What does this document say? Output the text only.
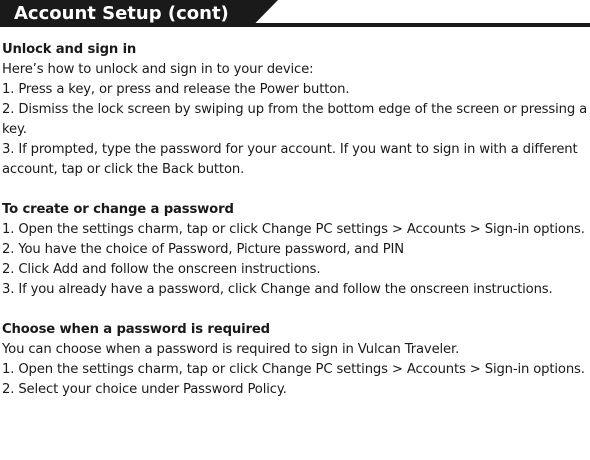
Account Setup (cont)
Unlock and sign in

Here’s how to unlock and sign in to your device:

1. Press a key, or press and release the Power button.

2. Dismiss the lock screen by swiping up from the bottom edge of the screen or pressing a key.

3. If prompted, type the password for your account. If you want to sign in with a different account, tap or click the Back button.

To create or change a password

1. Open the settings charm, tap or click Change PC settings > Accounts > Sign-in options.

2. You have the choice of Password, Picture password, and PIN

2. Click Add and follow the onscreen instructions.

3. If you already have a password, click Change and follow the onscreen instructions.

Choose when a password is required

You can choose when a password is required to sign in Vulcan Traveler.

1. Open the settings charm, tap or click Change PC settings > Accounts > Sign-in options.

2. Select your choice under Password Policy.
